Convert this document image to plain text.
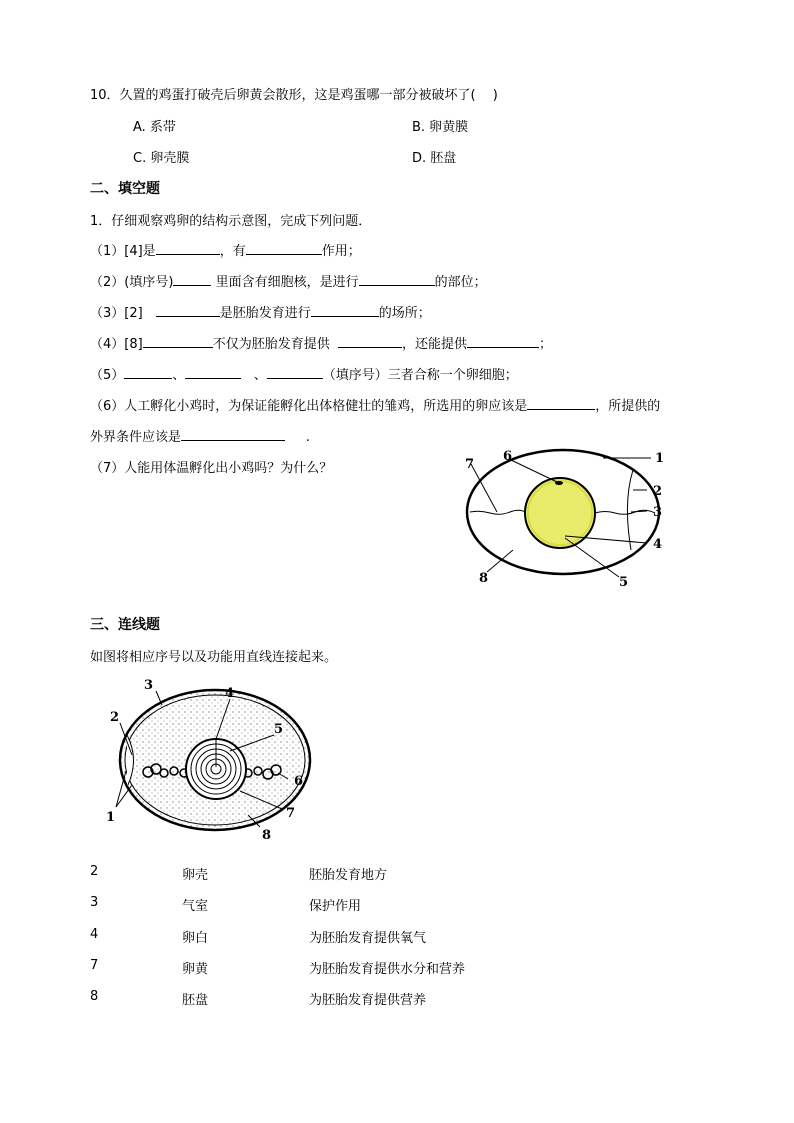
10．久置的鸡蛋打破壳后卵黄会散形，这是鸡蛋哪一部分被破坏了(　 )
A. 系带	B. 卵黄膜
C. 卵壳膜	D. 胚盘
二、填空题
1．仔细观察鸡卵的结构示意图，完成下列问题．
（1）[4]是	，有	作用；
（2）(填序号)	里面含有细胞核，是进行	的部位；
（3）[2]　	是胚胎发育进行	的场所；
（4）[8]	不仅为胚胎发育提供	，还能提供	；
（5）	、	、	（填序号）三者合称一个卵细胞；
（6）人工孵化小鸡时，为保证能孵化出体格健壮的雏鸡，所选用的卵应该是	，所提供的
外界条件应该是	.
（7）人能用体温孵化出小鸡吗？为什么？
1
2
3
4
5
6
7
8
三、连线题
如图将相应序号以及功能用直线连接起来。
3
2
4
5
6
7
8
1
2	卵壳	胚胎发育地方
3	气室	保护作用
4	卵白	为胚胎发育提供氧气
7	卵黄	为胚胎发育提供水分和营养
8	胚盘	为胚胎发育提供营养
